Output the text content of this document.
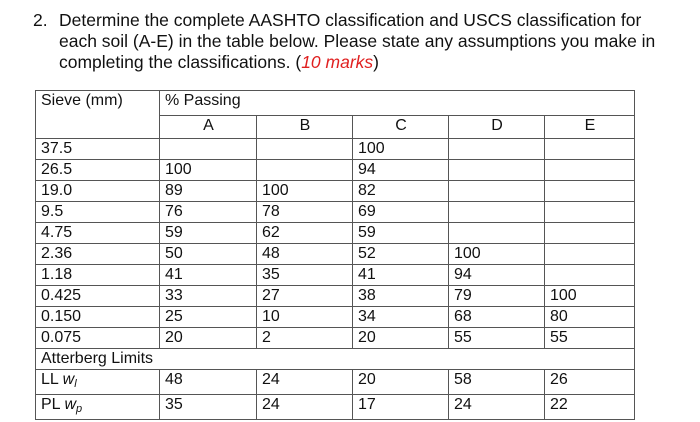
2. Determine the complete AASHTO classification and USCS classification for each soil (A-E) in the table below. Please state any assumptions you make in completing the classifications. (10 marks)
Sieve (mm)	% Passing				
	A	B	C	D	E
37.5			100		
26.5	100		94		
19.0	89	100	82		
9.5	76	78	69		
4.75	59	62	59		
2.36	50	48	52	100	
1.18	41	35	41	94	
0.425	33	27	38	79	100
0.150	25	10	34	68	80
0.075	20	2	20	55	55
Atterberg Limits					
LL $w_l$	48	24	20	58	26
PL $w_p$	35	24	17	24	22
